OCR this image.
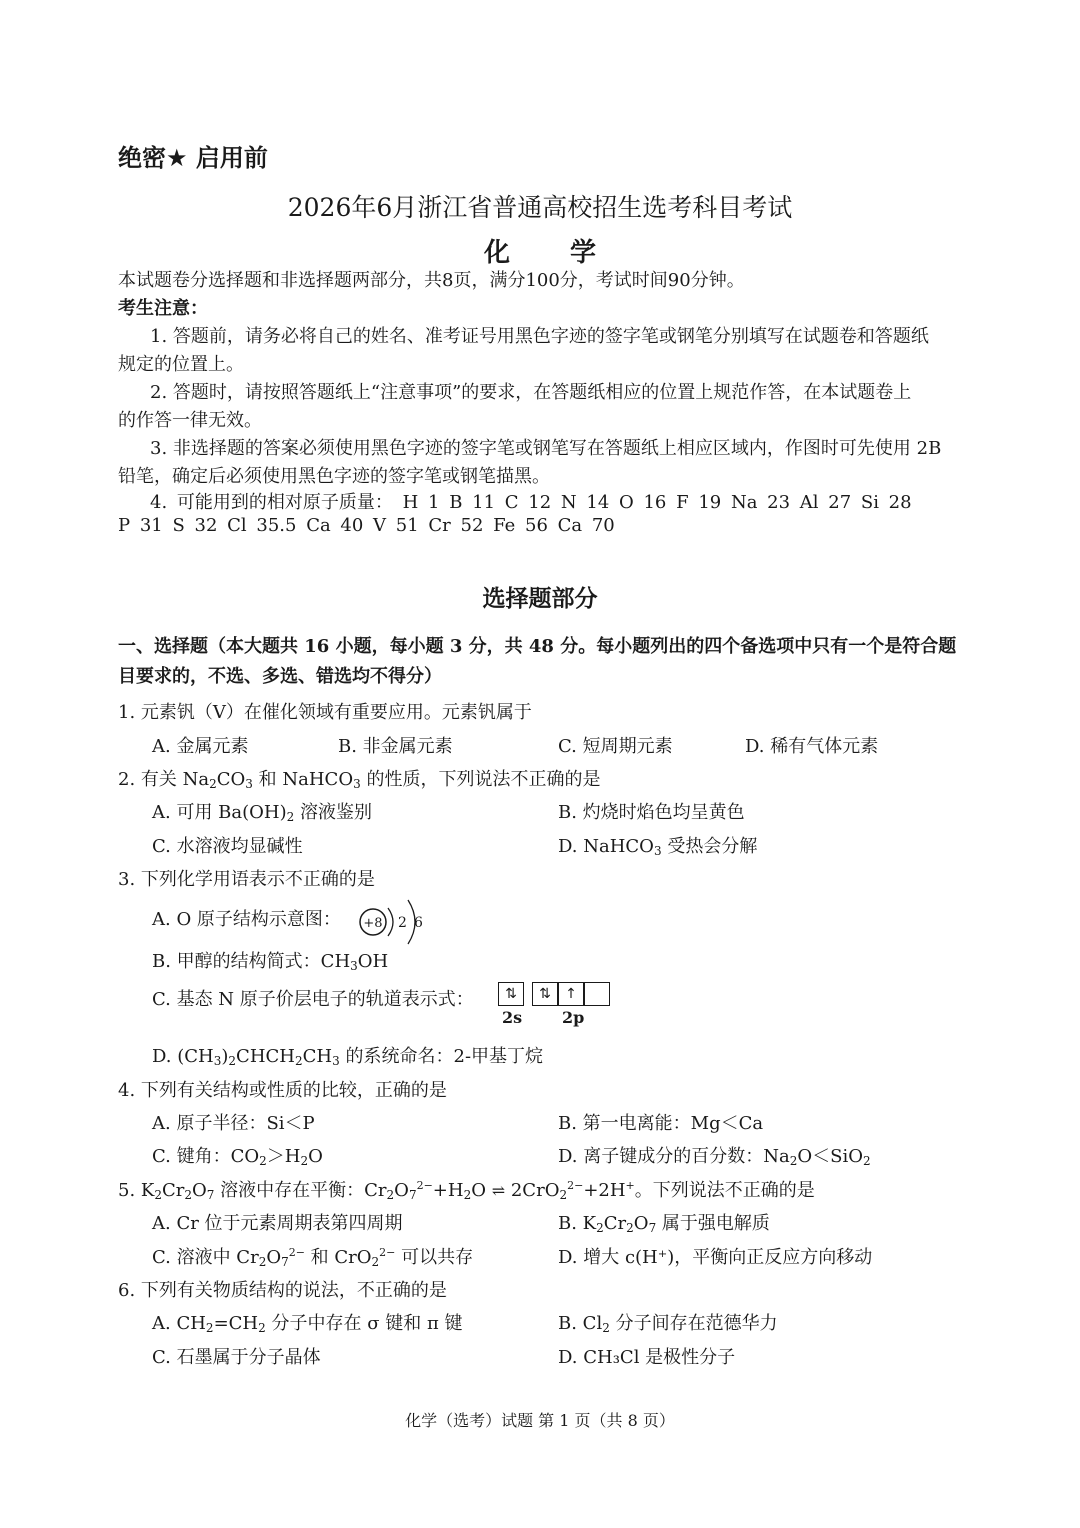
绝密★ 启用前
2026年6月浙江省普通高校招生选考科目考试
化学
本试题卷分选择题和非选择题两部分，共8页，满分100分，考试时间90分钟。
考生注意：
1. 答题前，请务必将自己的姓名、准考证号用黑色字迹的签字笔或钢笔分别填写在试题卷和答题纸
规定的位置上。
2. 答题时，请按照答题纸上“注意事项”的要求，在答题纸相应的位置上规范作答，在本试题卷上
的作答一律无效。
3. 非选择题的答案必须使用黑色字迹的签字笔或钢笔写在答题纸上相应区域内，作图时可先使用 2B
铅笔，确定后必须使用黑色字迹的签字笔或钢笔描黑。
4. 可能用到的相对原子质量： H 1 B 11 C 12 N 14 O 16 F 19 Na 23 Al 27 Si 28
P 31 S 32 Cl 35.5 Ca 40 V 51 Cr 52 Fe 56 Ca 70
选择题部分
一、选择题（本大题共 16 小题，每小题 3 分，共 48 分。每小题列出的四个备选项中只有一个是符合题
目要求的，不选、多选、错选均不得分）
1. 元素钒（V）在催化领域有重要应用。元素钒属于
A. 金属元素	B. 非金属元素	C. 短周期元素	D. 稀有气体元素
2. 有关 $Na_2CO_3$ 和 NaHCO$_3$ 的性质，下列说法不正确的是
A. 可用 $Ba(OH)_2$ 溶液鉴别	B. 灼烧时焰色均呈黄色
C. 水溶液均显碱性	D. NaHCO$_3$ 受热会分解
3. 下列化学用语表示不正确的是
A. O 原子结构示意图： +8 2 6
B. 甲醇的结构简式：$CH_3OH$
C. 基态 N 原子价层电子的轨道表示式：	⇅	⇅	↑
2s 2p
D. $(CH_3)_2CHCH_2CH_3$ 的系统命名：2-甲基丁烷
4. 下列有关结构或性质的比较，正确的是
A. 原子半径：Si＜P	B. 第一电离能：Mg＜Ca
C. 键角：$CO_2>H_2O$	D. 离子键成分的百分数：$Na_2O<SiO_2$
5. $K_2Cr_2O_7$ 溶液中存在平衡：$Cr_2O_7^{2-}+H_2O$ ⇌ 2CrO$_2^{2-}$+2H+。下列说法不正确的是
A. Cr 位于元素周期表第四周期	B. $K_2Cr_2O_7$ 属于强电解质
C. 溶液中 $Cr_2O_7^{2-}$ 和 CrO$_2^{2-}$ 可以共存	D. 增大 c(H⁺)，平衡向正反应方向移动
6. 下列有关物质结构的说法，不正确的是
A. $CH_2=CH_2$ 分子中存在 σ 键和 π 键	B. $Cl_2$ 分子间存在范德华力
C. 石墨属于分子晶体	D. CH₃Cl 是极性分子
化学（选考）试题 第 1 页（共 8 页）
